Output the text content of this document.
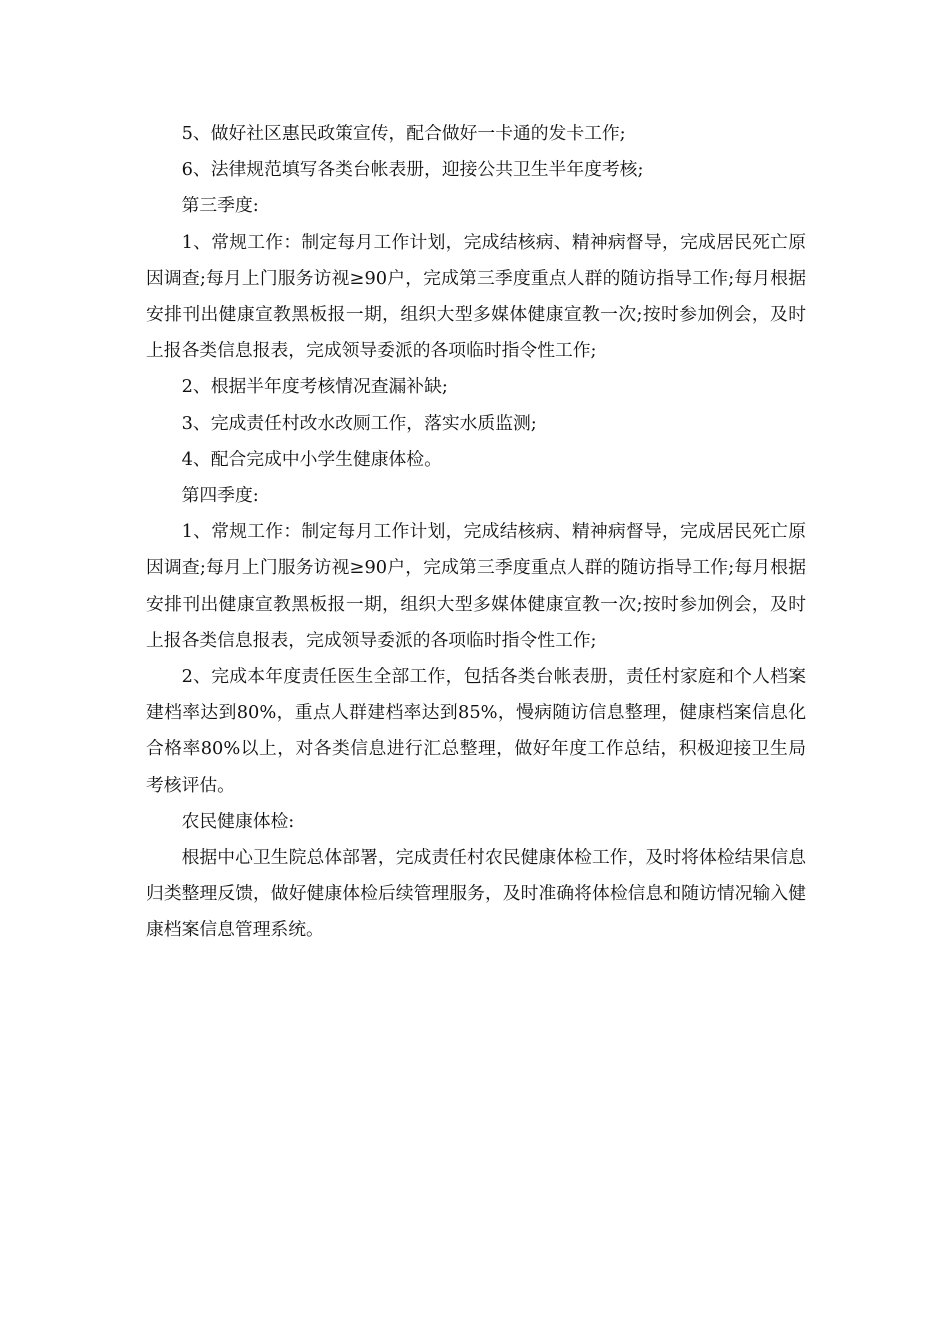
5、做好社区惠民政策宣传，配合做好一卡通的发卡工作;

6、法律规范填写各类台帐表册，迎接公共卫生半年度考核;

第三季度:

1、常规工作：制定每月工作计划，完成结核病、精神病督导，完成居民死亡原因调查;每月上门服务访视≥90户，完成第三季度重点人群的随访指导工作;每月根据安排刊出健康宣教黑板报一期，组织大型多媒体健康宣教一次;按时参加例会，及时上报各类信息报表，完成领导委派的各项临时指令性工作;

2、根据半年度考核情况查漏补缺;

3、完成责任村改水改厕工作，落实水质监测;

4、配合完成中小学生健康体检。

第四季度:

1、常规工作：制定每月工作计划，完成结核病、精神病督导，完成居民死亡原因调查;每月上门服务访视≥90户，完成第三季度重点人群的随访指导工作;每月根据安排刊出健康宣教黑板报一期，组织大型多媒体健康宣教一次;按时参加例会，及时上报各类信息报表，完成领导委派的各项临时指令性工作;

2、完成本年度责任医生全部工作，包括各类台帐表册，责任村家庭和个人档案建档率达到80%，重点人群建档率达到85%，慢病随访信息整理，健康档案信息化合格率80%以上，对各类信息进行汇总整理，做好年度工作总结，积极迎接卫生局考核评估。

农民健康体检:

根据中心卫生院总体部署，完成责任村农民健康体检工作，及时将体检结果信息归类整理反馈，做好健康体检后续管理服务，及时准确将体检信息和随访情况输入健康档案信息管理系统。
